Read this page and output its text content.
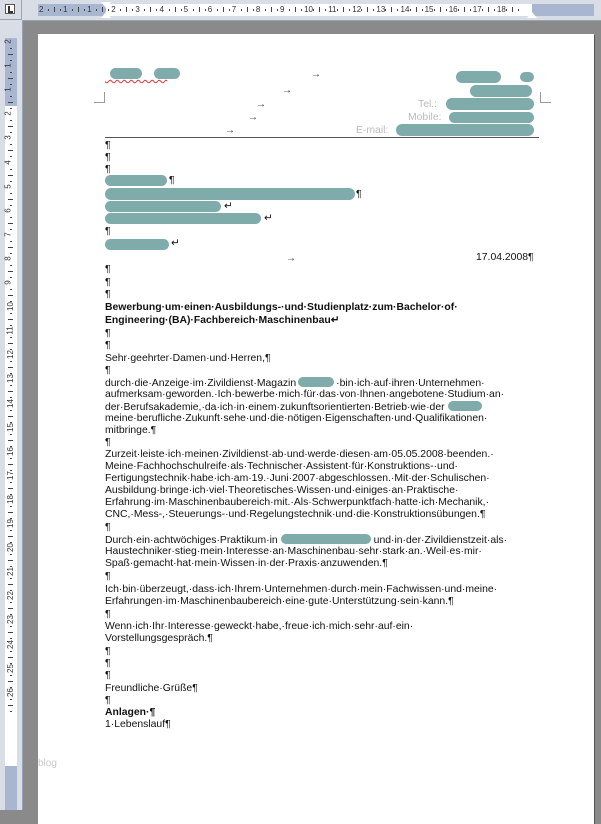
2 1 1 2 3 4 5 6 7 8 9 10 11 12 13 14 15 16 17 18
2
1
1
2
3
4
5
6
7
8
9
10
11
12
13
14
15
16
17
18
19
20
21
22
23
24
25
26
→
→
→	Tel.:
→	Mobile:
→	E-mail:
¶
¶
¶
¶
¶
↵
↵
¶
↵
→	17.04.2008¶
¶
¶
¶
Bewerbung·um·einen·Ausbildungs-·und·Studienplatz·zum·Bachelor·of·
Engineering·(BA)·Fachbereich·Maschinenbau↵
¶
¶
Sehr·geehrter·Damen·und·Herren,¶
¶
durch·die·Anzeige·im·Zivildienst·Magazin	·bin·ich·auf·ihren·Unternehmen·
aufmerksam·geworden.·Ich·bewerbe·mich·für·das·von·Ihnen·angebotene·Studium·an·
der·Berufsakademie,·da·ich·in·einem·zukunftsorientierten·Betrieb·wie·der
meine·berufliche·Zukunft·sehe·und·die·nötigen·Eigenschaften·und·Qualifikationen·
mitbringe.¶
¶
Zurzeit·leiste·ich·meinen·Zivildienst·ab·und·werde·diesen·am·05.05.2008·beenden.·
Meine·Fachhochschulreife·als·Technischer·Assistent·für·Konstruktions-·und·
Fertigungstechnik·habe·ich·am·19.·Juni·2007·abgeschlossen.·Mit·der·Schulischen·
Ausbildung·bringe·ich·viel·Theoretisches·Wissen·und·einiges·an·Praktische·
Erfahrung·im·Maschinenbaubereich·mit.·Als·Schwerpunktfach·hatte·ich·Mechanik,·
CNC,·Mess-,·Steuerungs-·und·Regelungstechnik·und·die·Konstruktionsübungen.¶
¶
Durch·ein·achtwöchiges·Praktikum·in	und·in·der·Zivildienstzeit·als·
Haustechniker·stieg·mein·Interesse·an·Maschinenbau·sehr·stark·an.·Weil·es·mir·
Spaß·gemacht·hat·mein·Wissen·in·der·Praxis·anzuwenden.¶
¶
Ich·bin·überzeugt,·dass·ich·Ihrem·Unternehmen·durch·mein·Fachwissen·und·meine·
Erfahrungen·im·Maschinenbaubereich·eine·gute·Unterstützung·sein·kann.¶
¶
Wenn·ich·Ihr·Interesse·geweckt·habe,·freue·ich·mich·sehr·auf·ein·
Vorstellungsgespräch.¶
¶
¶
¶
Freundliche·Grüße¶
¶
Anlagen·¶
1·Lebenslauf¶
blog
